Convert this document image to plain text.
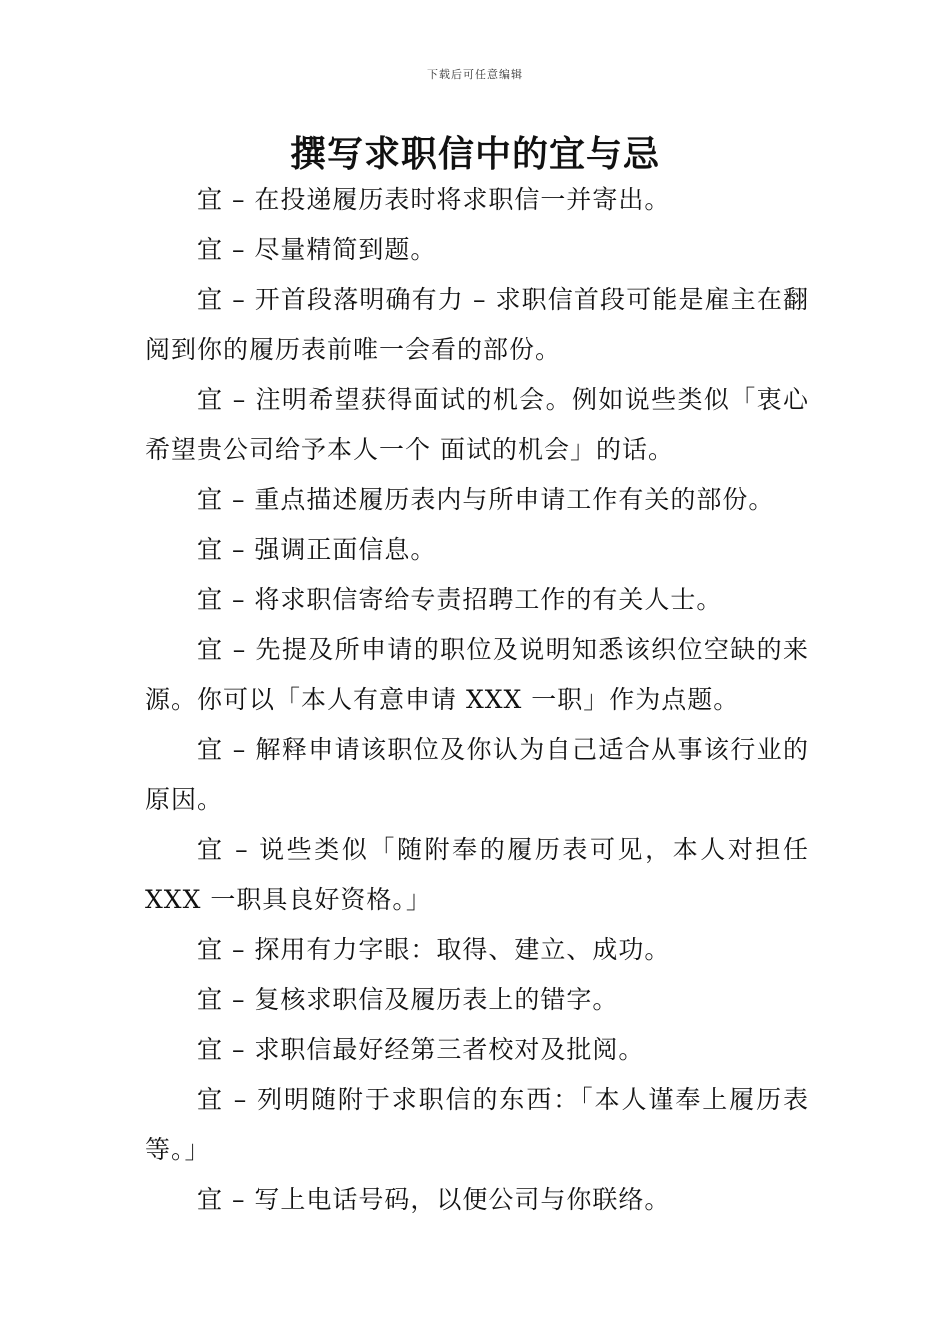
下载后可任意编辑
撰写求职信中的宜与忌

宜 – 在投递履历表时将求职信一并寄出。

宜 – 尽量精简到题。

宜 – 开首段落明确有力 – 求职信首段可能是雇主在翻阅到你的履历表前唯一会看的部份。

宜 – 注明希望获得面试的机会。例如说些类似「衷心希望贵公司给予本人一个 面试的机会」的话。

宜 – 重点描述履历表内与所申请工作有关的部份。

宜 – 强调正面信息。

宜 – 将求职信寄给专责招聘工作的有关人士。

宜 – 先提及所申请的职位及说明知悉该织位空缺的来源。你可以「本人有意申请 XXX 一职」作为点题。

宜 – 解释申请该职位及你认为自己适合从事该行业的原因。

宜 – 说些类似「随附奉的履历表可见，本人对担任 XXX 一职具良好资格。」

宜 – 探用有力字眼：取得、建立、成功。

宜 – 复核求职信及履历表上的错字。

宜 – 求职信最好经第三者校对及批阅。

宜 – 列明随附于求职信的东西：「本人谨奉上履历表等。」

宜 – 写上电话号码，以便公司与你联络。
